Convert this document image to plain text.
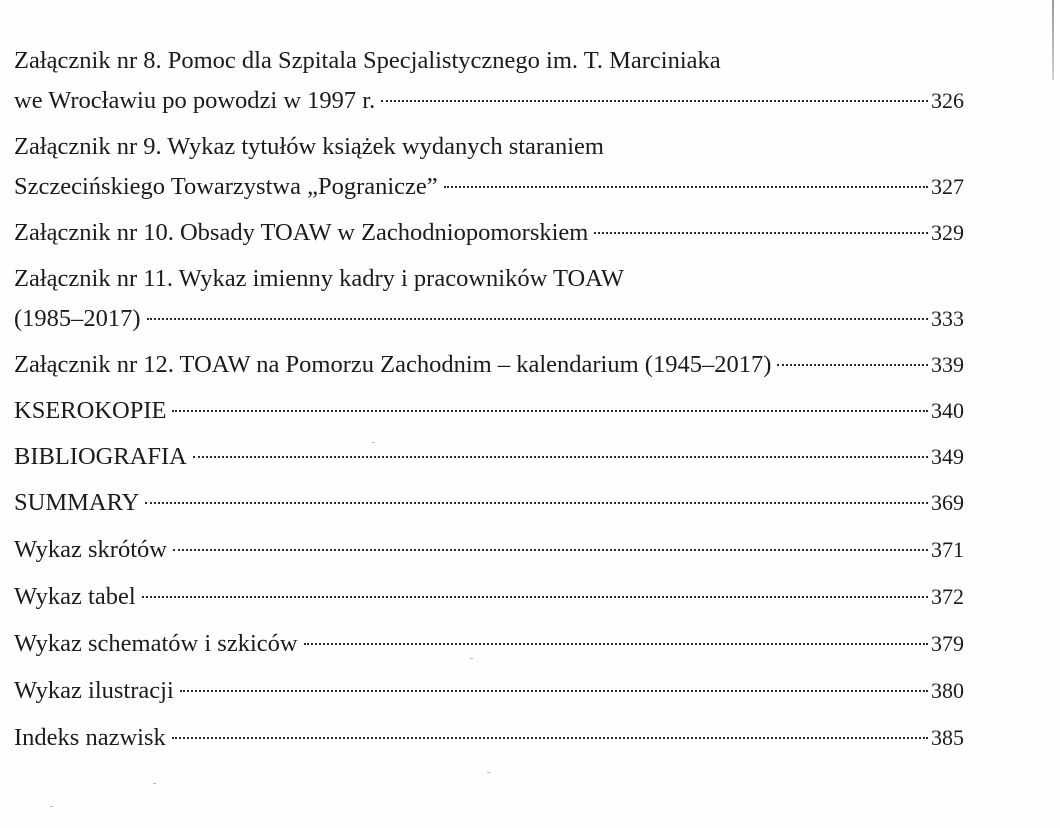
Załącznik nr 8. Pomoc dla Szpitala Specjalistycznego im. T. Marciniaka
we Wrocławiu po powodzi w 1997 r.	326
Załącznik nr 9. Wykaz tytułów książek wydanych staraniem
Szczecińskiego Towarzystwa „Pogranicze”	327
Załącznik nr 10. Obsady TOAW w Zachodniopomorskiem	329
Załącznik nr 11. Wykaz imienny kadry i pracowników TOAW
(1985–2017)	333
Załącznik nr 12. TOAW na Pomorzu Zachodnim – kalendarium (1945–2017)	339
KSEROKOPIE	340
BIBLIOGRAFIA	349
SUMMARY	369
Wykaz skrótów	371
Wykaz tabel	372
Wykaz schematów i szkiców	379
Wykaz ilustracji	380
Indeks nazwisk	385
